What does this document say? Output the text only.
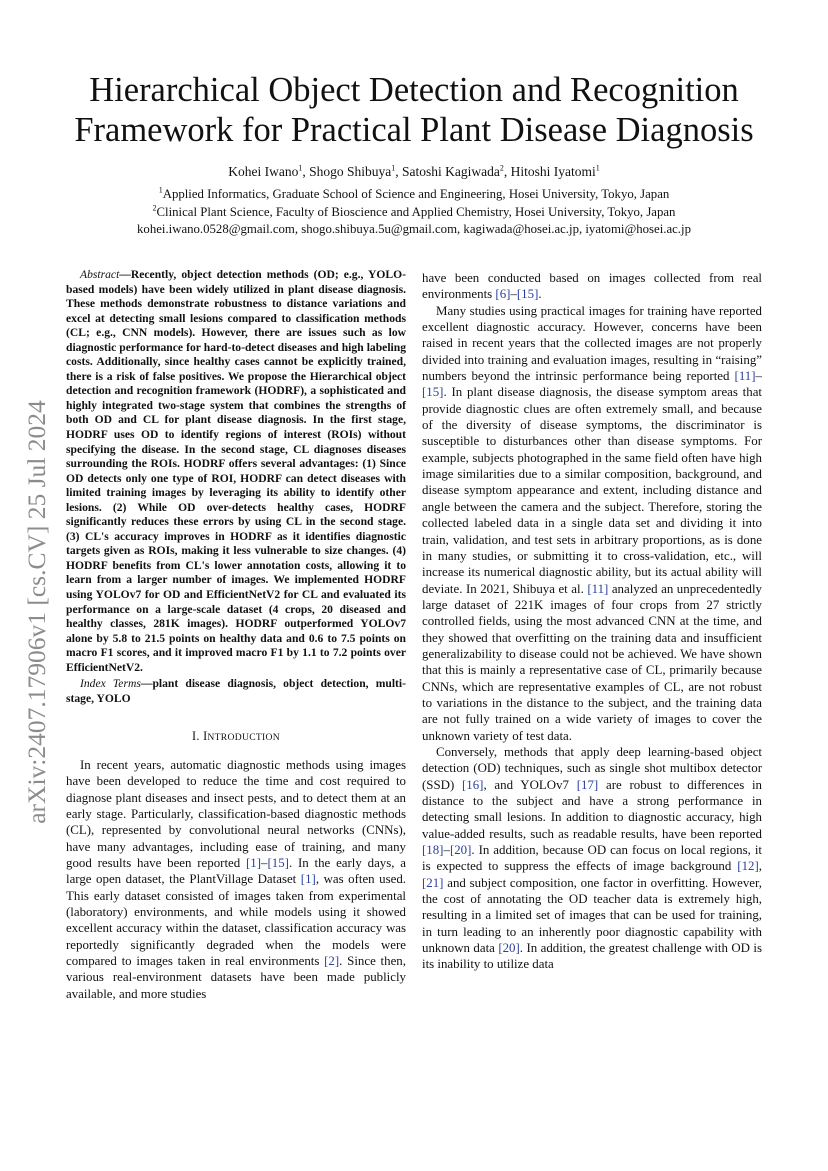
arXiv:2407.17906v1 [cs.CV] 25 Jul 2024
Hierarchical Object Detection and Recognition Framework for Practical Plant Disease Diagnosis
Kohei Iwano$^1$, Shogo Shibuya$^1$, Satoshi Kagiwada$^2$, Hitoshi Iyatomi$^1$
$^1$Applied Informatics, Graduate School of Science and Engineering, Hosei University, Tokyo, Japan
$^2$Clinical Plant Science, Faculty of Bioscience and Applied Chemistry, Hosei University, Tokyo, Japan
kohei.iwano.0528@gmail.com, shogo.shibuya.5u@gmail.com, kagiwada@hosei.ac.jp, iyatomi@hosei.ac.jp

Abstract—Recently, object detection methods (OD; e.g., YOLO-based models) have been widely utilized in plant disease diagnosis. These methods demonstrate robustness to distance variations and excel at detecting small lesions compared to classification methods (CL; e.g., CNN models). However, there are issues such as low diagnostic performance for hard-to-detect diseases and high labeling costs. Additionally, since healthy cases cannot be explicitly trained, there is a risk of false positives. We propose the Hierarchical object detection and recognition framework (HODRF), a sophisticated and highly integrated two-stage system that combines the strengths of both OD and CL for plant disease diagnosis. In the first stage, HODRF uses OD to identify regions of interest (ROIs) without specifying the disease. In the second stage, CL diagnoses diseases surrounding the ROIs. HODRF offers several advantages: (1) Since OD detects only one type of ROI, HODRF can detect diseases with limited training images by leveraging its ability to identify other lesions. (2) While OD over-detects healthy cases, HODRF significantly reduces these errors by using CL in the second stage. (3) CL's accuracy improves in HODRF as it identifies diagnostic targets given as ROIs, making it less vulnerable to size changes. (4) HODRF benefits from CL's lower annotation costs, allowing it to learn from a larger number of images. We implemented HODRF using YOLOv7 for OD and EfficientNetV2 for CL and evaluated its performance on a large-scale dataset (4 crops, 20 diseased and healthy classes, 281K images). HODRF outperformed YOLOv7 alone by 5.8 to 21.5 points on healthy data and 0.6 to 7.5 points on macro F1 scores, and it improved macro F1 by 1.1 to 7.2 points over EfficientNetV2.

Index Terms—plant disease diagnosis, object detection, multi-stage, YOLO

I. INTRODUCTION

In recent years, automatic diagnostic methods using images have been developed to reduce the time and cost required to diagnose plant diseases and insect pests, and to detect them at an early stage. Particularly, classification-based diagnostic methods (CL), represented by convolutional neural networks (CNNs), have many advantages, including ease of training, and many good results have been reported [1]–[15]. In the early days, a large open dataset, the PlantVillage Dataset [1], was often used. This early dataset consisted of images taken from experimental (laboratory) environments, and while models using it showed excellent accuracy within the dataset, classification accuracy was reportedly significantly degraded when the models were compared to images taken in real environments [2]. Since then, various real-environment datasets have been made publicly available, and more studies

have been conducted based on images collected from real environments [6]–[15].

Many studies using practical images for training have reported excellent diagnostic accuracy. However, concerns have been raised in recent years that the collected images are not properly divided into training and evaluation images, resulting in “raising” numbers beyond the intrinsic performance being reported [11]–[15]. In plant disease diagnosis, the disease symptom areas that provide diagnostic clues are often extremely small, and because of the diversity of disease symptoms, the discriminator is susceptible to disturbances other than disease symptoms. For example, subjects photographed in the same field often have high image similarities due to a similar composition, background, and disease symptom appearance and extent, including distance and angle between the camera and the subject. Therefore, storing the collected labeled data in a single data set and dividing it into train, validation, and test sets in arbitrary proportions, as is done in many studies, or submitting it to cross-validation, etc., will increase its numerical diagnostic ability, but its actual ability will deviate. In 2021, Shibuya et al. [11] analyzed an unprecedentedly large dataset of 221K images of four crops from 27 strictly controlled fields, using the most advanced CNN at the time, and they showed that overfitting on the training data and insufficient generalizability to disease could not be achieved. We have shown that this is mainly a representative case of CL, primarily because CNNs, which are representative examples of CL, are not robust to variations in the distance to the subject, and the training data are not fully trained on a wide variety of images to cover the unknown variety of test data.

Conversely, methods that apply deep learning-based object detection (OD) techniques, such as single shot multibox detector (SSD) [16], and YOLOv7 [17] are robust to differences in distance to the subject and have a strong performance in detecting small lesions. In addition to diagnostic accuracy, high value-added results, such as readable results, have been reported [18]–[20]. In addition, because OD can focus on local regions, it is expected to suppress the effects of image background [12], [21] and subject composition, one factor in overfitting. However, the cost of annotating the OD teacher data is extremely high, resulting in a limited set of images that can be used for training, in turn leading to an inherently poor diagnostic capability with unknown data [20]. In addition, the greatest challenge with OD is its inability to utilize data
